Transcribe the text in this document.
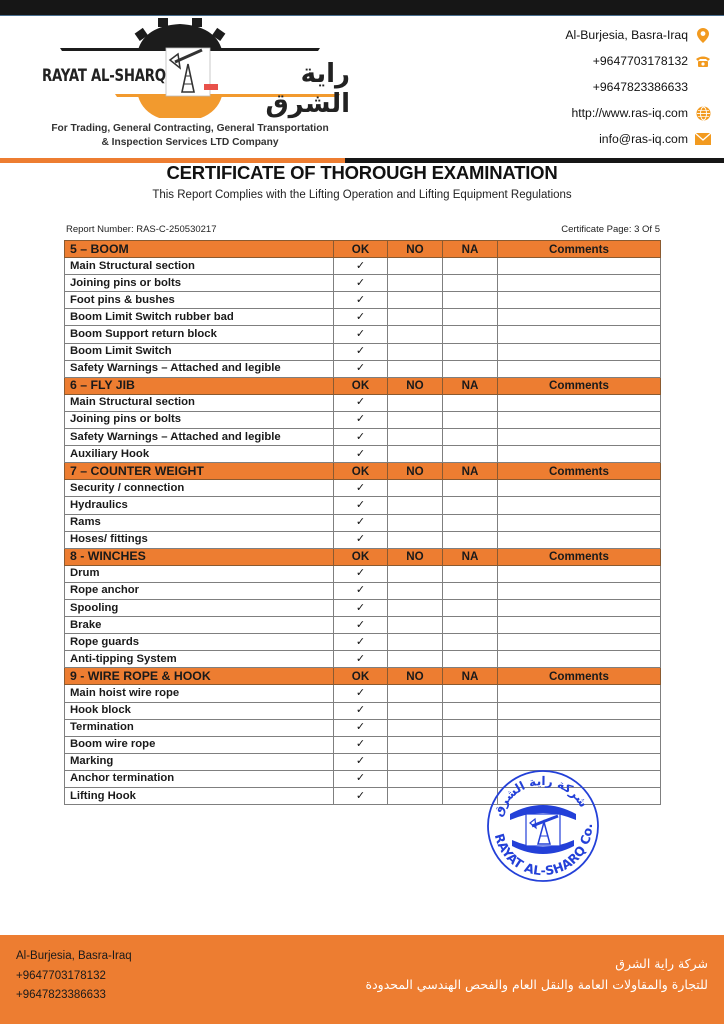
RAYAT AL-SHARQ	راية الشرق
For Trading, General Contracting, General Transportation
& Inspection Services LTD Company
Al-Burjesia, Basra-Iraq
+9647703178132
+9647823386633
http://www.ras-iq.com
info@ras-iq.com
CERTIFICATE OF THOROUGH EXAMINATION
This Report Complies with the Lifting Operation and Lifting Equipment Regulations
Report Number: RAS-C-250530217	Certificate Page: 3 Of 5
5 – BOOM	OK	NO	NA	Comments
Main Structural section	✓			
Joining pins or bolts	✓			
Foot pins & bushes	✓			
Boom Limit Switch rubber bad	✓			
Boom Support return block	✓			
Boom Limit Switch	✓			
Safety Warnings – Attached and legible	✓			
6 – FLY JIB	OK	NO	NA	Comments
Main Structural section	✓			
Joining pins or bolts	✓			
Safety Warnings – Attached and legible	✓			
Auxiliary Hook	✓			
7 – COUNTER WEIGHT	OK	NO	NA	Comments
Security / connection	✓			
Hydraulics	✓			
Rams	✓			
Hoses/ fittings	✓			
8 - WINCHES	OK	NO	NA	Comments
Drum	✓			
Rope anchor	✓			
Spooling	✓			
Brake	✓			
Rope guards	✓			
Anti-tipping System	✓			
9 - WIRE ROPE & HOOK	OK	NO	NA	Comments
Main hoist wire rope	✓			
Hook block	✓			
Termination	✓			
Boom wire rope	✓			
Marking	✓			
Anchor termination	✓			
Lifting Hook	✓			
شركة راية الشرق
RAYAT AL-SHARQ Co.
Al-Burjesia, Basra-Iraq
+9647703178132
+9647823386633
شركة راية الشرق
للتجارة والمقاولات العامة والنقل العام والفحص الهندسي المحدودة
